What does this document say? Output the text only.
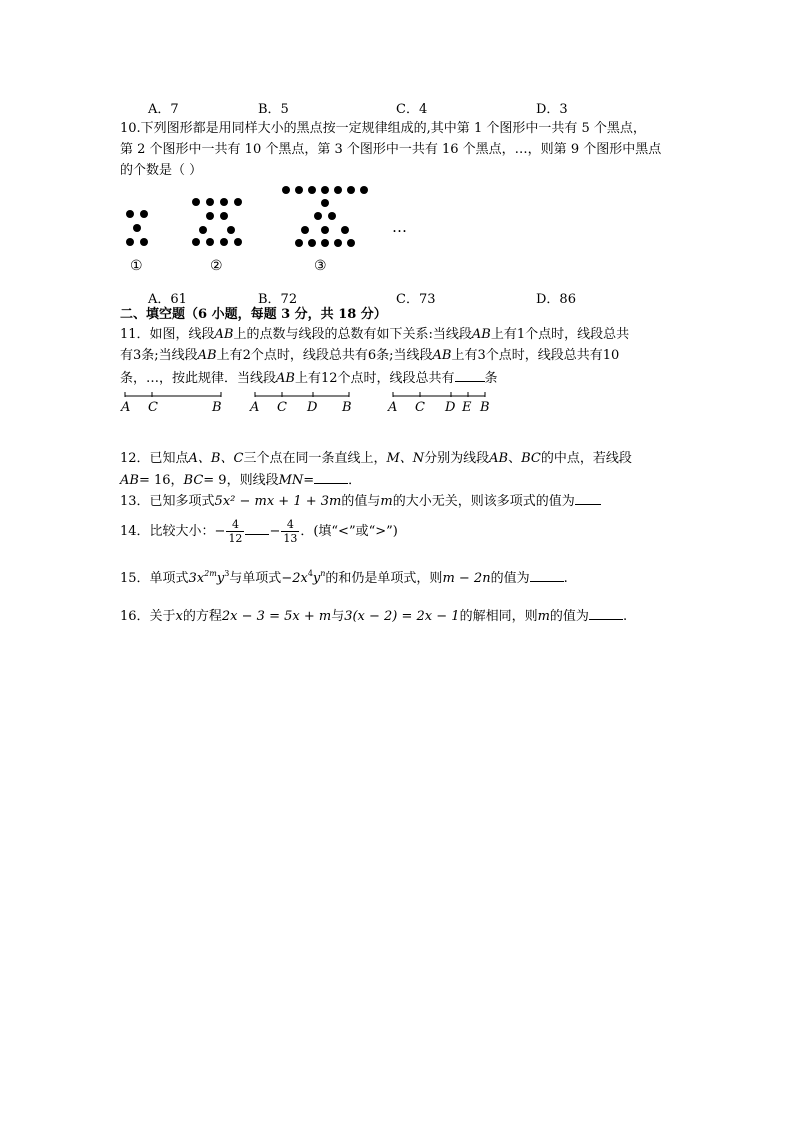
A．7	B．5	C．4	D．3
10.下列图形都是用同样大小的黑点按一定规律组成的,其中第 1 个图形中一共有 5 个黑点，
第 2 个图形中一共有 10 个黑点，第 3 个图形中一共有 16 个黑点，…，则第 9 个图形中黑点
的个数是（ ）
…
①	②	③
A．61	B．72	C．73	D．86
二、填空题（6 小题，每题 3 分，共 18 分）
11．如图，线段AB上的点数与线段的总数有如下关系:当线段AB上有1个点时，线段总共
有3条;当线段AB上有2个点时，线段总共有6条;当线段AB上有3个点时，线段总共有10
条，…，按此规律．当线段AB上有12个点时，线段总共有 条
A C	B A C D B	A C D E B
12．已知点A、B、C三个点在同一条直线上，M、N分别为线段AB、BC的中点，若线段
AB= 16，BC= 9，则线段MN=	．
13．已知多项式5x² − mx + 1 + 3m的值与m的大小无关，则该多项式的值为
14．比较大小：− $\frac{4}{12} - \frac{4}{13}$ ．(填“<”或“>”)
15．单项式$3x^{2m}y^3$与单项式$-2x^4y^n$的和仍是单项式，则m − 2n的值为	.
16．关于x的方程2x − 3 = 5x + m与3(x − 2) = 2x − 1的解相同，则m的值为	.
